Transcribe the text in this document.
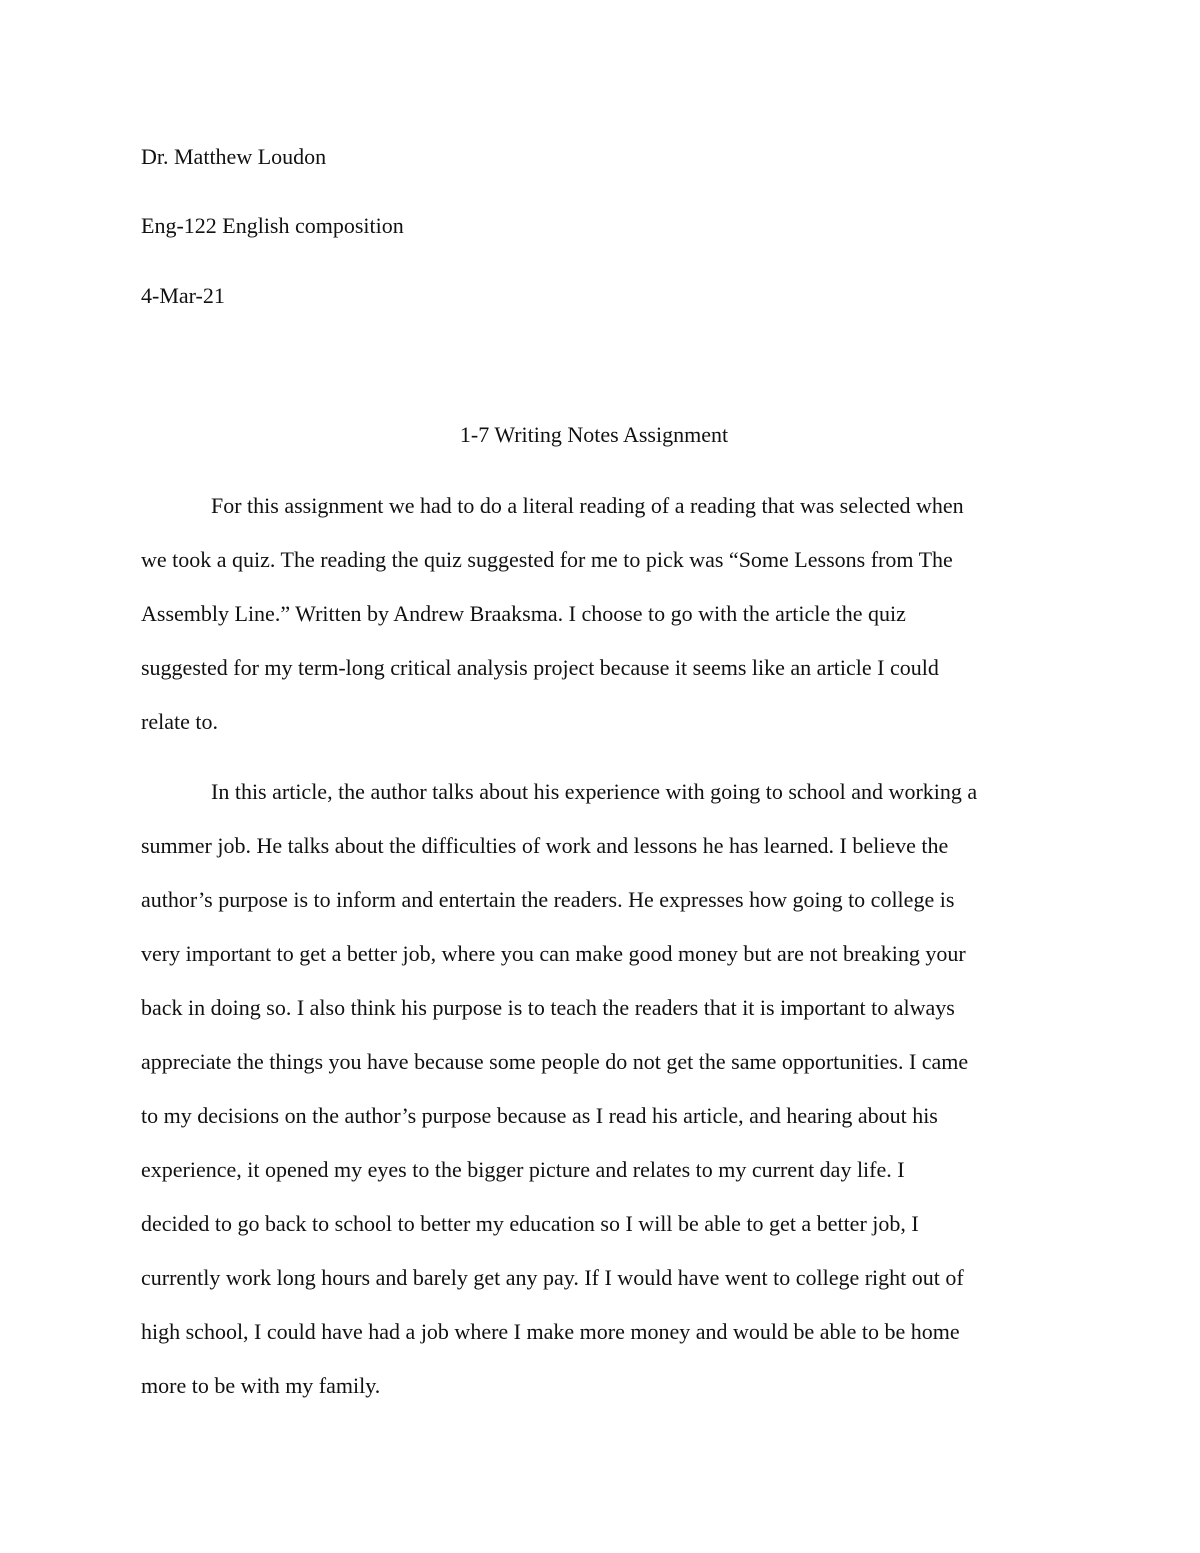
Dr. Matthew Loudon
Eng-122 English composition
4-Mar-21
1-7 Writing Notes Assignment
For this assignment we had to do a literal reading of a reading that was selected when
we took a quiz. The reading the quiz suggested for me to pick was “Some Lessons from The
Assembly Line.” Written by Andrew Braaksma. I choose to go with the article the quiz
suggested for my term-long critical analysis project because it seems like an article I could
relate to.
In this article, the author talks about his experience with going to school and working a
summer job. He talks about the difficulties of work and lessons he has learned. I believe the
author’s purpose is to inform and entertain the readers. He expresses how going to college is
very important to get a better job, where you can make good money but are not breaking your
back in doing so. I also think his purpose is to teach the readers that it is important to always
appreciate the things you have because some people do not get the same opportunities. I came
to my decisions on the author’s purpose because as I read his article, and hearing about his
experience, it opened my eyes to the bigger picture and relates to my current day life. I
decided to go back to school to better my education so I will be able to get a better job, I
currently work long hours and barely get any pay. If I would have went to college right out of
high school, I could have had a job where I make more money and would be able to be home
more to be with my family.
